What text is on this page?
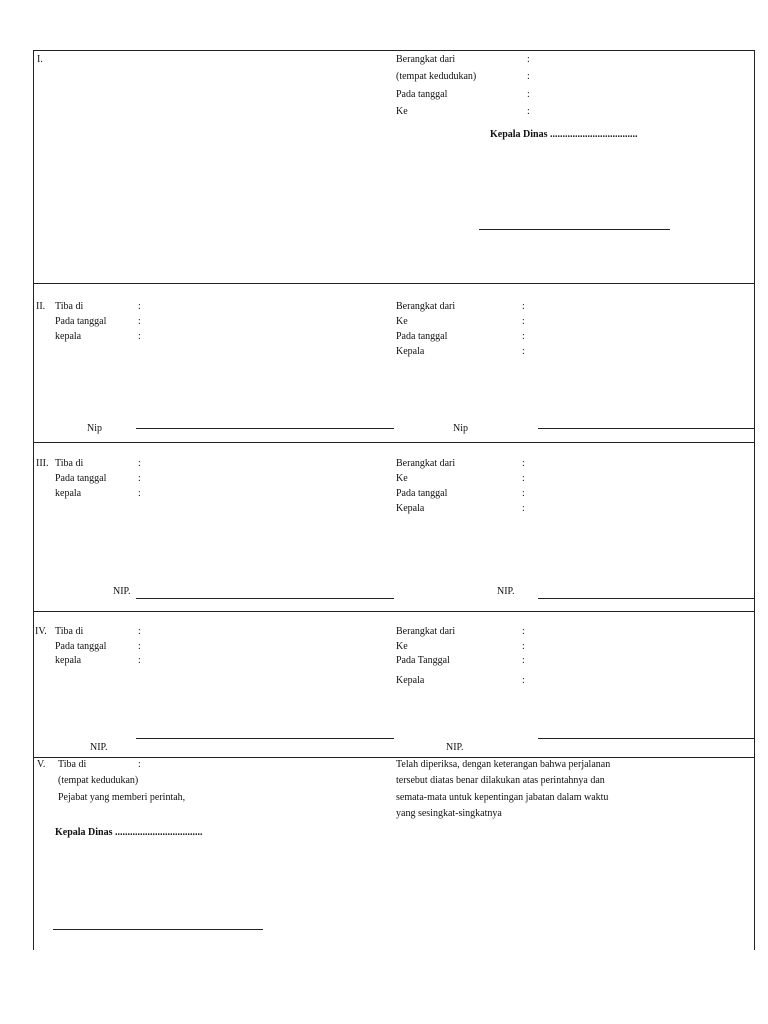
I.	Berangkat dari	:
(tempat kedudukan)	:
Pada tanggal	:
Ke	:
Kepala Dinas ...................................
II. Tiba di	:
Pada tanggal	:
kepala	:
Berangkat dari	:
Ke	:
Pada tanggal	:
Kepala	:
Nip	Nip
III. Tiba di	:
Pada tanggal	:
kepala	:
Berangkat dari	:
Ke	:
Pada tanggal	:
Kepala	:
NIP.	NIP.
IV. Tiba di	:
Pada tanggal	:
kepala	:
Berangkat dari	:
Ke	:
Pada Tanggal	:
Kepala	:
NIP.	NIP.
V. Tiba di	:
(tempat kedudukan)
Pejabat yang memberi perintah,
Kepala Dinas ...................................
Telah diperiksa, dengan keterangan bahwa perjalanan
tersebut diatas benar dilakukan atas perintahnya dan
semata-mata untuk kepentingan jabatan dalam waktu
yang sesingkat-singkatnya
